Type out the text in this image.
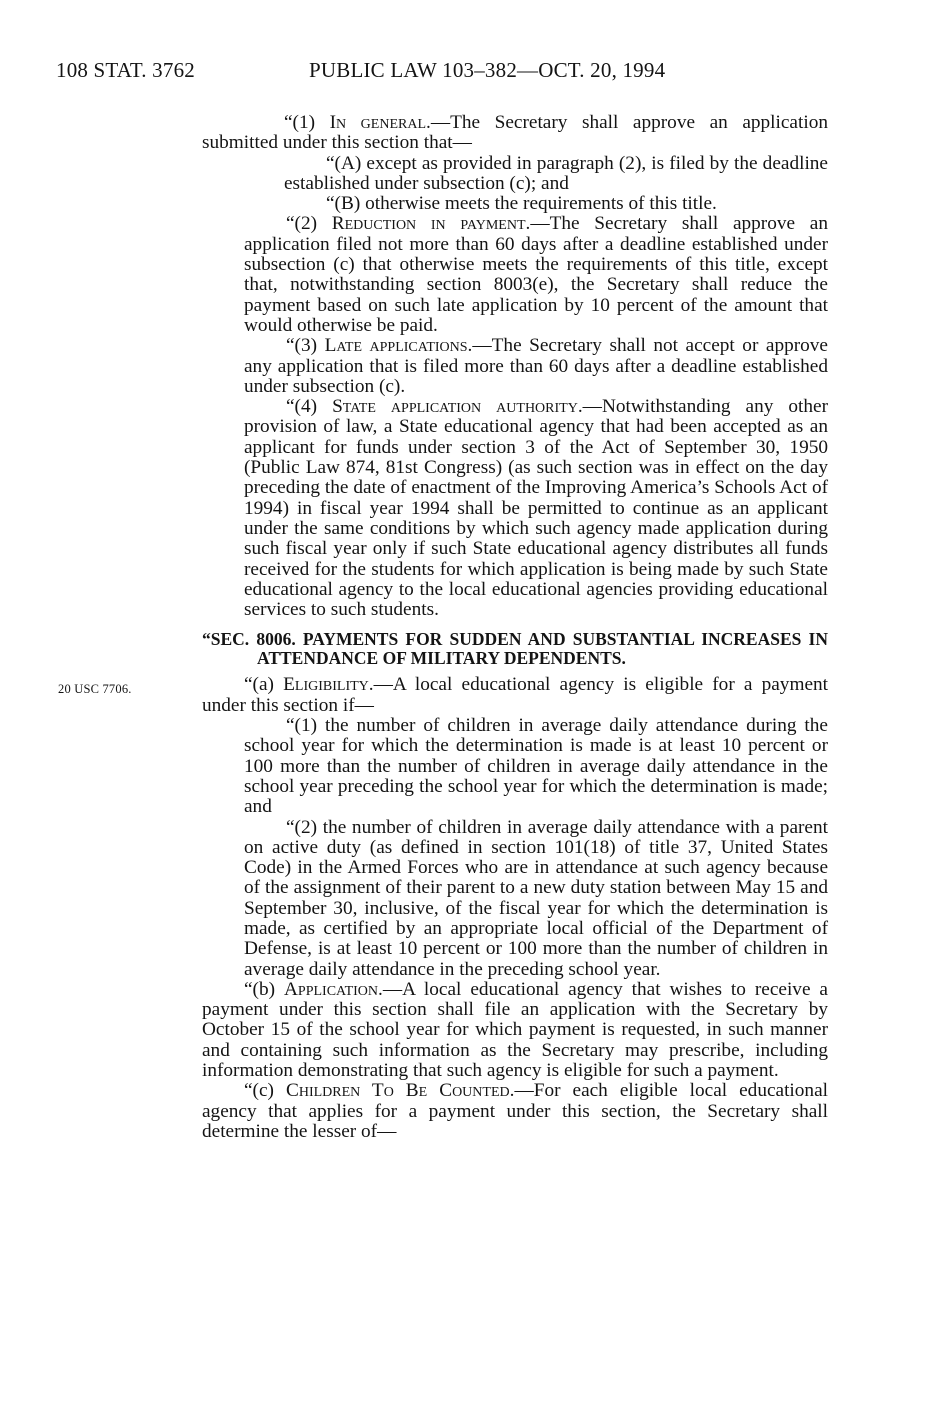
108 STAT. 3762	PUBLIC LAW 103–382—OCT. 20, 1994
20 USC 7706.

“(1) In general.—The Secretary shall approve an application submitted under this section that—

“(A) except as provided in paragraph (2), is filed by the deadline established under subsection (c); and

“(B) otherwise meets the requirements of this title.

“(2) Reduction in payment.—The Secretary shall approve an application filed not more than 60 days after a deadline established under subsection (c) that otherwise meets the requirements of this title, except that, notwithstanding section 8003(e), the Secretary shall reduce the payment based on such late application by 10 percent of the amount that would otherwise be paid.

“(3) Late applications.—The Secretary shall not accept or approve any application that is filed more than 60 days after a deadline established under subsection (c).

“(4) State application authority.—Notwithstanding any other provision of law, a State educational agency that had been accepted as an applicant for funds under section 3 of the Act of September 30, 1950 (Public Law 874, 81st Congress) (as such section was in effect on the day preceding the date of enactment of the Improving America’s Schools Act of 1994) in fiscal year 1994 shall be permitted to continue as an applicant under the same conditions by which such agency made application during such fiscal year only if such State educational agency distributes all funds received for the students for which application is being made by such State educational agency to the local educational agencies providing educational services to such students.

“SEC. 8006. PAYMENTS FOR SUDDEN AND SUBSTANTIAL INCREASES IN ATTENDANCE OF MILITARY DEPENDENTS.

“(a) Eligibility.—A local educational agency is eligible for a payment under this section if—

“(1) the number of children in average daily attendance during the school year for which the determination is made is at least 10 percent or 100 more than the number of children in average daily attendance in the school year preceding the school year for which the determination is made; and

“(2) the number of children in average daily attendance with a parent on active duty (as defined in section 101(18) of title 37, United States Code) in the Armed Forces who are in attendance at such agency because of the assignment of their parent to a new duty station between May 15 and September 30, inclusive, of the fiscal year for which the determination is made, as certified by an appropriate local official of the Department of Defense, is at least 10 percent or 100 more than the number of children in average daily attendance in the preceding school year.

“(b) Application.—A local educational agency that wishes to receive a payment under this section shall file an application with the Secretary by October 15 of the school year for which payment is requested, in such manner and containing such information as the Secretary may prescribe, including information demonstrating that such agency is eligible for such a payment.

“(c) Children To Be Counted.—For each eligible local educational agency that applies for a payment under this section, the Secretary shall determine the lesser of—
